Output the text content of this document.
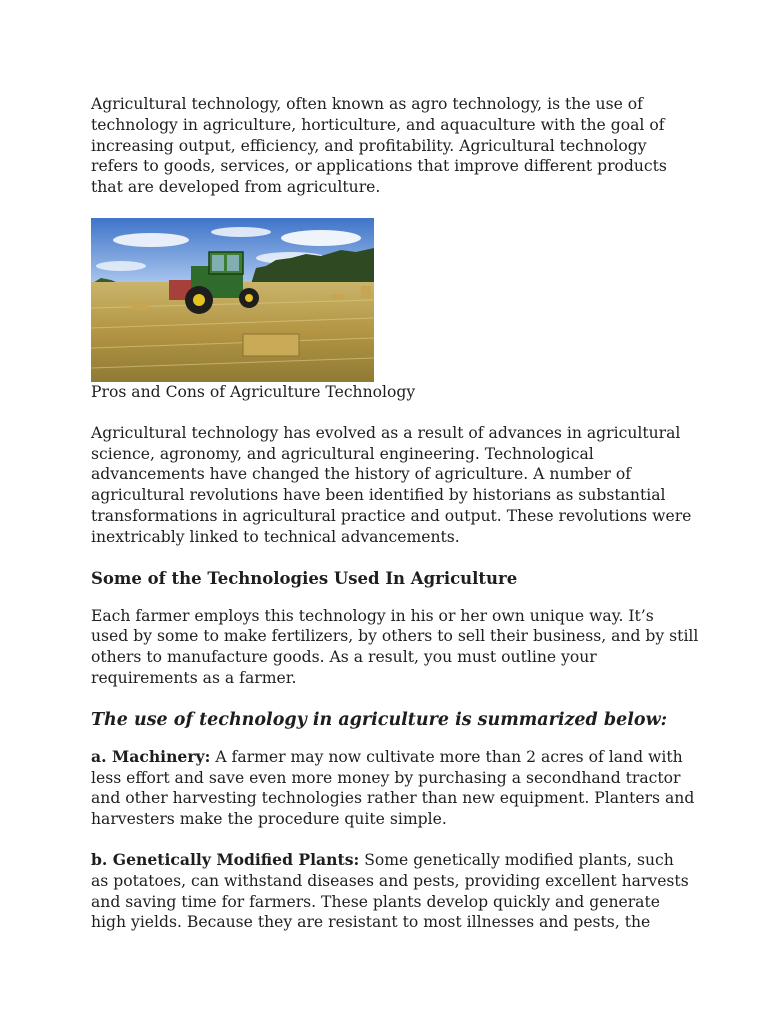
Agricultural technology, often known as agro technology, is the use of
technology in agriculture, horticulture, and aquaculture with the goal of
increasing output, efficiency, and profitability. Agricultural technology
refers to goods, services, or applications that improve different products
that are developed from agriculture.

Pros and Cons of Agriculture Technology

Agricultural technology has evolved as a result of advances in agricultural
science, agronomy, and agricultural engineering. Technological
advancements have changed the history of agriculture. A number of
agricultural revolutions have been identified by historians as substantial
transformations in agricultural practice and output. These revolutions were
inextricably linked to technical advancements.

Some of the Technologies Used In Agriculture

Each farmer employs this technology in his or her own unique way. It’s
used by some to make fertilizers, by others to sell their business, and by still
others to manufacture goods. As a result, you must outline your
requirements as a farmer.

The use of technology in agriculture is summarized below:

a. Machinery: A farmer may now cultivate more than 2 acres of land with
less effort and save even more money by purchasing a secondhand tractor
and other harvesting technologies rather than new equipment. Planters and
harvesters make the procedure quite simple.

b. Genetically Modified Plants: Some genetically modified plants, such
as potatoes, can withstand diseases and pests, providing excellent harvests
and saving time for farmers. These plants develop quickly and generate
high yields. Because they are resistant to most illnesses and pests, the
